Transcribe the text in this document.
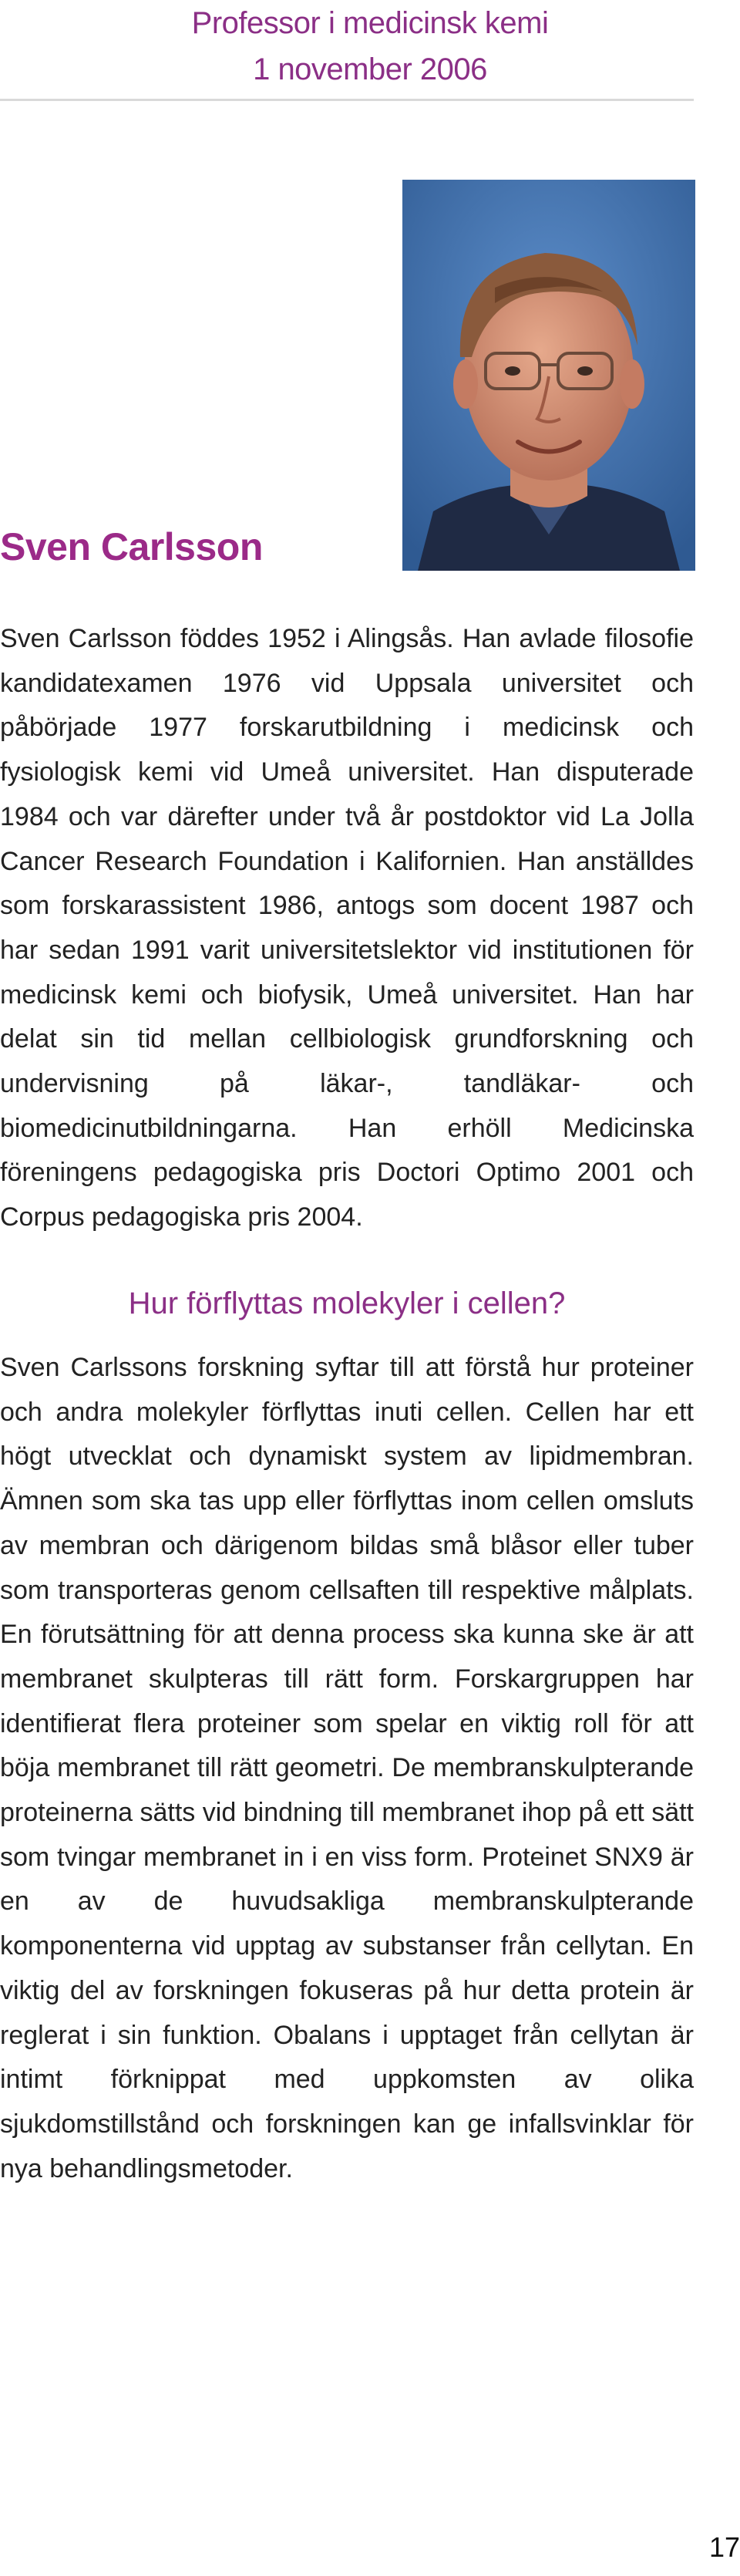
Professor i medicinsk kemi
1 november 2006
Sven Carlsson

Sven Carlsson föddes 1952 i Alingsås. Han avlade filosofie kandidatexamen 1976 vid Uppsala universitet och påbörjade 1977 forskarutbildning i medicinsk och fysiologisk kemi vid Umeå universitet. Han disputerade 1984 och var därefter under två år postdoktor vid La Jolla Cancer Research Foundation i Kalifornien. Han anställdes som forskarassistent 1986, antogs som docent 1987 och har sedan 1991 varit universitetslektor vid institutionen för medicinsk kemi och biofysik, Umeå universitet. Han har delat sin tid mellan cellbiologisk grundforskning och undervisning på läkar-, tandläkar- och biomedicinutbildningarna. Han erhöll Medicinska föreningens pedagogiska pris Doctori Optimo 2001 och Corpus pedagogiska pris 2004.

Hur förflyttas molekyler i cellen?

Sven Carlssons forskning syftar till att förstå hur proteiner och andra molekyler förflyttas inuti cellen. Cellen har ett högt utvecklat och dynamiskt system av lipidmembran. Ämnen som ska tas upp eller förflyttas inom cellen omsluts av membran och därigenom bildas små blåsor eller tuber som transporteras genom cellsaften till respektive målplats. En förutsättning för att denna process ska kunna ske är att membranet skulpteras till rätt form. Forskargruppen har identifierat flera proteiner som spelar en viktig roll för att böja membranet till rätt geometri. De membranskulpterande proteinerna sätts vid bindning till membranet ihop på ett sätt som tvingar membranet in i en viss form. Proteinet SNX9 är en av de huvudsakliga membranskulpterande komponenterna vid upptag av substanser från cellytan. En viktig del av forskningen fokuseras på hur detta protein är reglerat i sin funktion. Obalans i upptaget från cellytan är intimt förknippat med uppkomsten av olika sjukdomstillstånd och forskningen kan ge infallsvinklar för nya behandlingsmetoder.

17
